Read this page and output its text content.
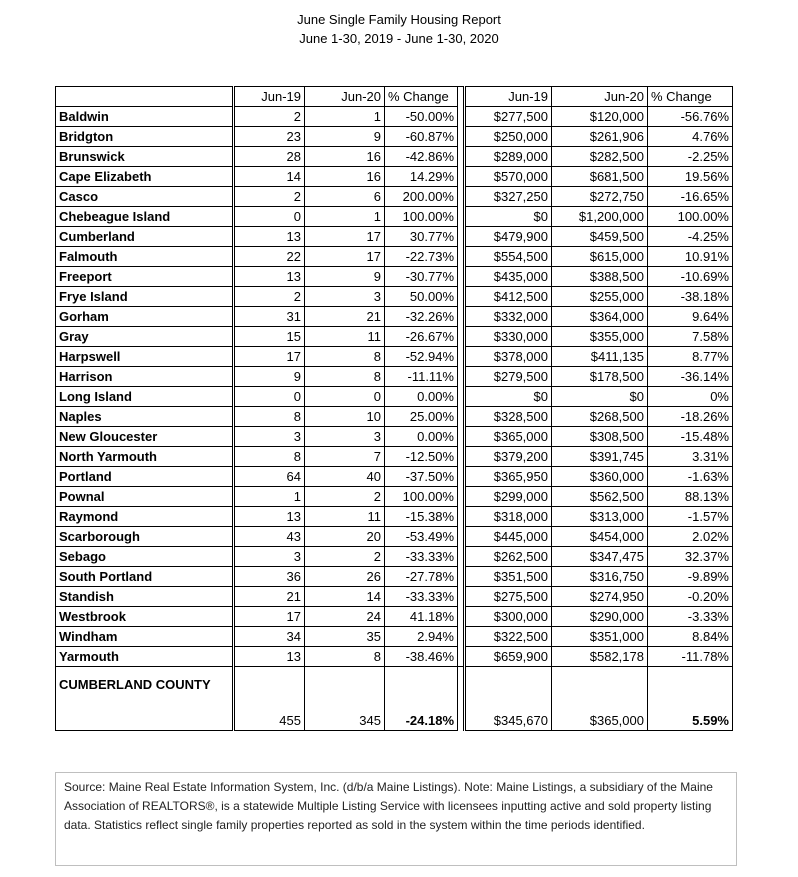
June Single Family Housing Report
June 1-30, 2019 - June 1-30, 2020
	Jun-19	Jun-20	% Change		Jun-19	Jun-20	% Change
Baldwin	2	1	-50.00%		$277,500	$120,000	-56.76%
Bridgton	23	9	-60.87%		$250,000	$261,906	4.76%
Brunswick	28	16	-42.86%		$289,000	$282,500	-2.25%
Cape Elizabeth	14	16	14.29%		$570,000	$681,500	19.56%
Casco	2	6	200.00%		$327,250	$272,750	-16.65%
Chebeague Island	0	1	100.00%		$0	$1,200,000	100.00%
Cumberland	13	17	30.77%		$479,900	$459,500	-4.25%
Falmouth	22	17	-22.73%		$554,500	$615,000	10.91%
Freeport	13	9	-30.77%		$435,000	$388,500	-10.69%
Frye Island	2	3	50.00%		$412,500	$255,000	-38.18%
Gorham	31	21	-32.26%		$332,000	$364,000	9.64%
Gray	15	11	-26.67%		$330,000	$355,000	7.58%
Harpswell	17	8	-52.94%		$378,000	$411,135	8.77%
Harrison	9	8	-11.11%		$279,500	$178,500	-36.14%
Long Island	0	0	0.00%		$0	$0	0%
Naples	8	10	25.00%		$328,500	$268,500	-18.26%
New Gloucester	3	3	0.00%		$365,000	$308,500	-15.48%
North Yarmouth	8	7	-12.50%		$379,200	$391,745	3.31%
Portland	64	40	-37.50%		$365,950	$360,000	-1.63%
Pownal	1	2	100.00%		$299,000	$562,500	88.13%
Raymond	13	11	-15.38%		$318,000	$313,000	-1.57%
Scarborough	43	20	-53.49%		$445,000	$454,000	2.02%
Sebago	3	2	-33.33%		$262,500	$347,475	32.37%
South Portland	36	26	-27.78%		$351,500	$316,750	-9.89%
Standish	21	14	-33.33%		$275,500	$274,950	-0.20%
Westbrook	17	24	41.18%		$300,000	$290,000	-3.33%
Windham	34	35	2.94%		$322,500	$351,000	8.84%
Yarmouth	13	8	-38.46%		$659,900	$582,178	-11.78%
CUMBERLAND COUNTY	455	345	-24.18%		$345,670	$365,000	5.59%
Source: Maine Real Estate Information System, Inc. (d/b/a Maine Listings). Note: Maine Listings, a subsidiary of the Maine Association of REALTORS®, is a statewide Multiple Listing Service with licensees inputting active and sold property listing data. Statistics reflect single family properties reported as sold in the system within the time periods identified.
